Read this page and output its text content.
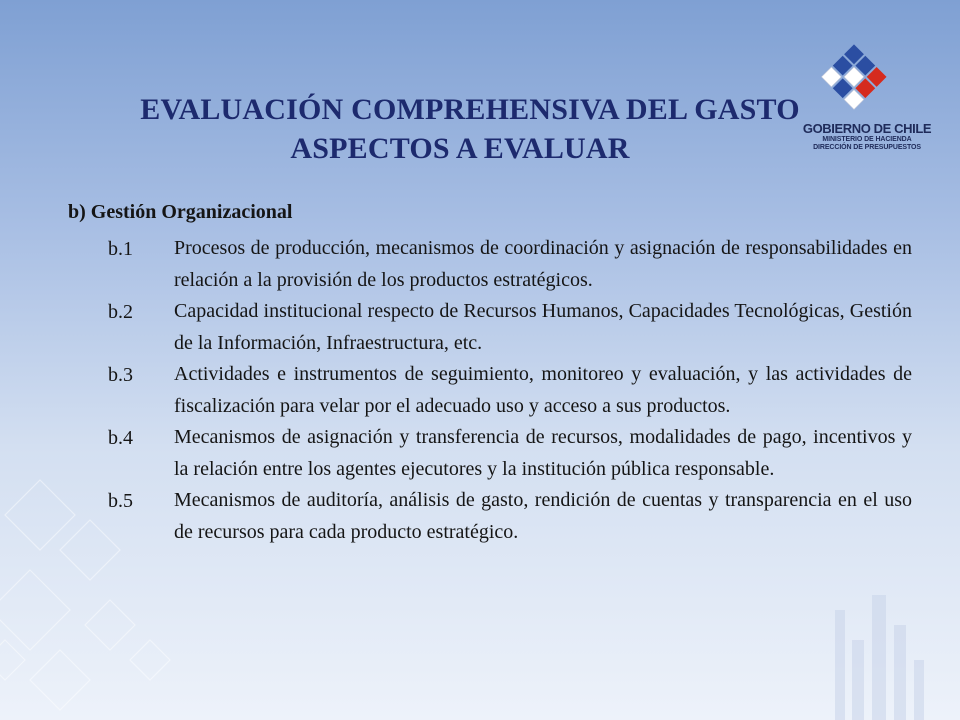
GOBIERNO DE CHILE
MINISTERIO DE HACIENDA
DIRECCIÓN DE PRESUPUESTOS
EVALUACIÓN COMPREHENSIVA DEL GASTO
ASPECTOS A EVALUAR
b) Gestión Organizacional
b.1	Procesos de producción, mecanismos de coordinación y asignación de responsabilidades en relación a la provisión de los productos estratégicos.
b.2	Capacidad institucional respecto de Recursos Humanos, Capacidades Tecnológicas, Gestión de la Información, Infraestructura, etc.
b.3	Actividades e instrumentos de seguimiento, monitoreo y evaluación, y las actividades de fiscalización para velar por el adecuado uso y acceso a sus productos.
b.4	Mecanismos de asignación y transferencia de recursos, modalidades de pago, incentivos y la relación entre los agentes ejecutores y la institución pública responsable.
b.5	Mecanismos de auditoría, análisis de gasto, rendición de cuentas y transparencia en el uso de recursos para cada producto estratégico.
